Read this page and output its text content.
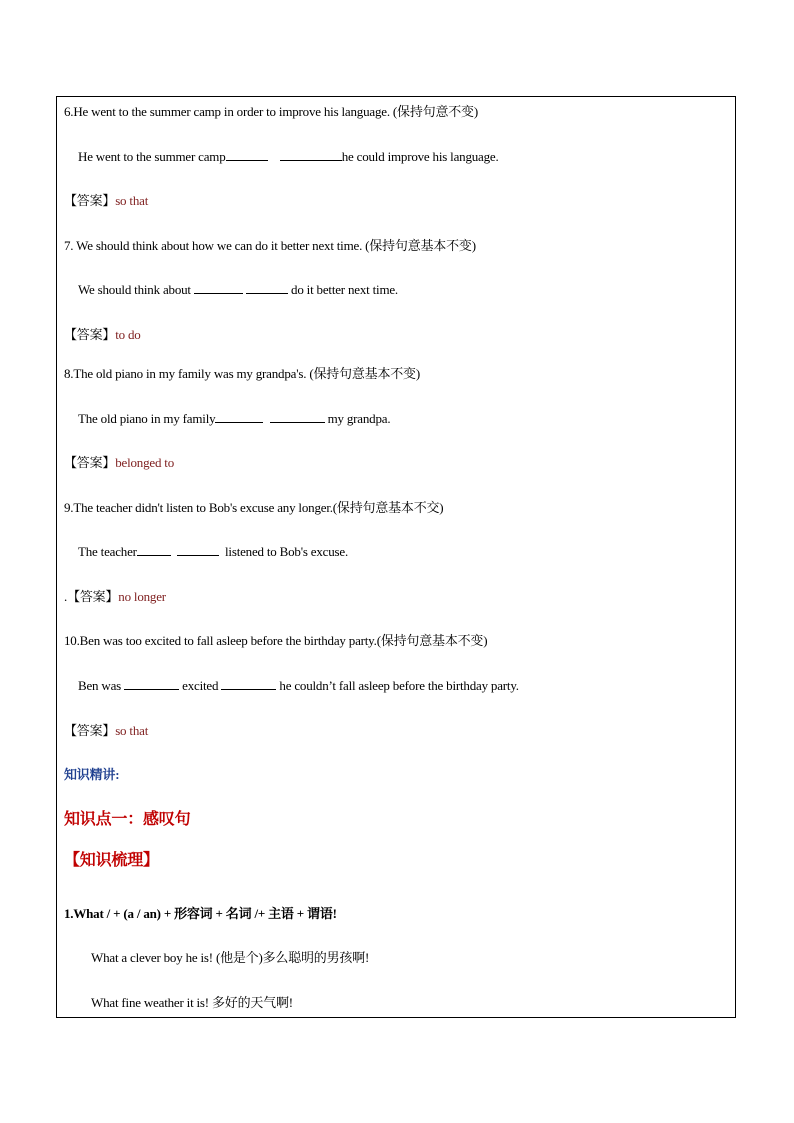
6.He went to the summer camp in order to improve his language. (保持句意不变)
He went to the summer camp	he could improve his language.
【答案】so that
7. We should think about how we can do it better next time. (保持句意基本不变)
We should think about	do it better next time.
【答案】to do
8.The old piano in my family was my grandpa's. (保持句意基本不变)
The old piano in my family	my grandpa.
【答案】belonged to
9.The teacher didn't listen to Bob's excuse any longer.(保持句意基本不交)
The teacher	listened to Bob's excuse.
.【答案】no longer
10.Ben was too excited to fall asleep before the birthday party.(保持句意基本不变)
Ben was	excited	he couldn’t fall asleep before the birthday party.
【答案】so that
知识精讲:
知识点一：感叹句
【知识梳理】
1.What / + (a / an) + 形容词 + 名词 /+ 主语 + 谓语!
What a clever boy he is! (他是个)多么聪明的男孩啊!
What fine weather it is! 多好的天气啊!
